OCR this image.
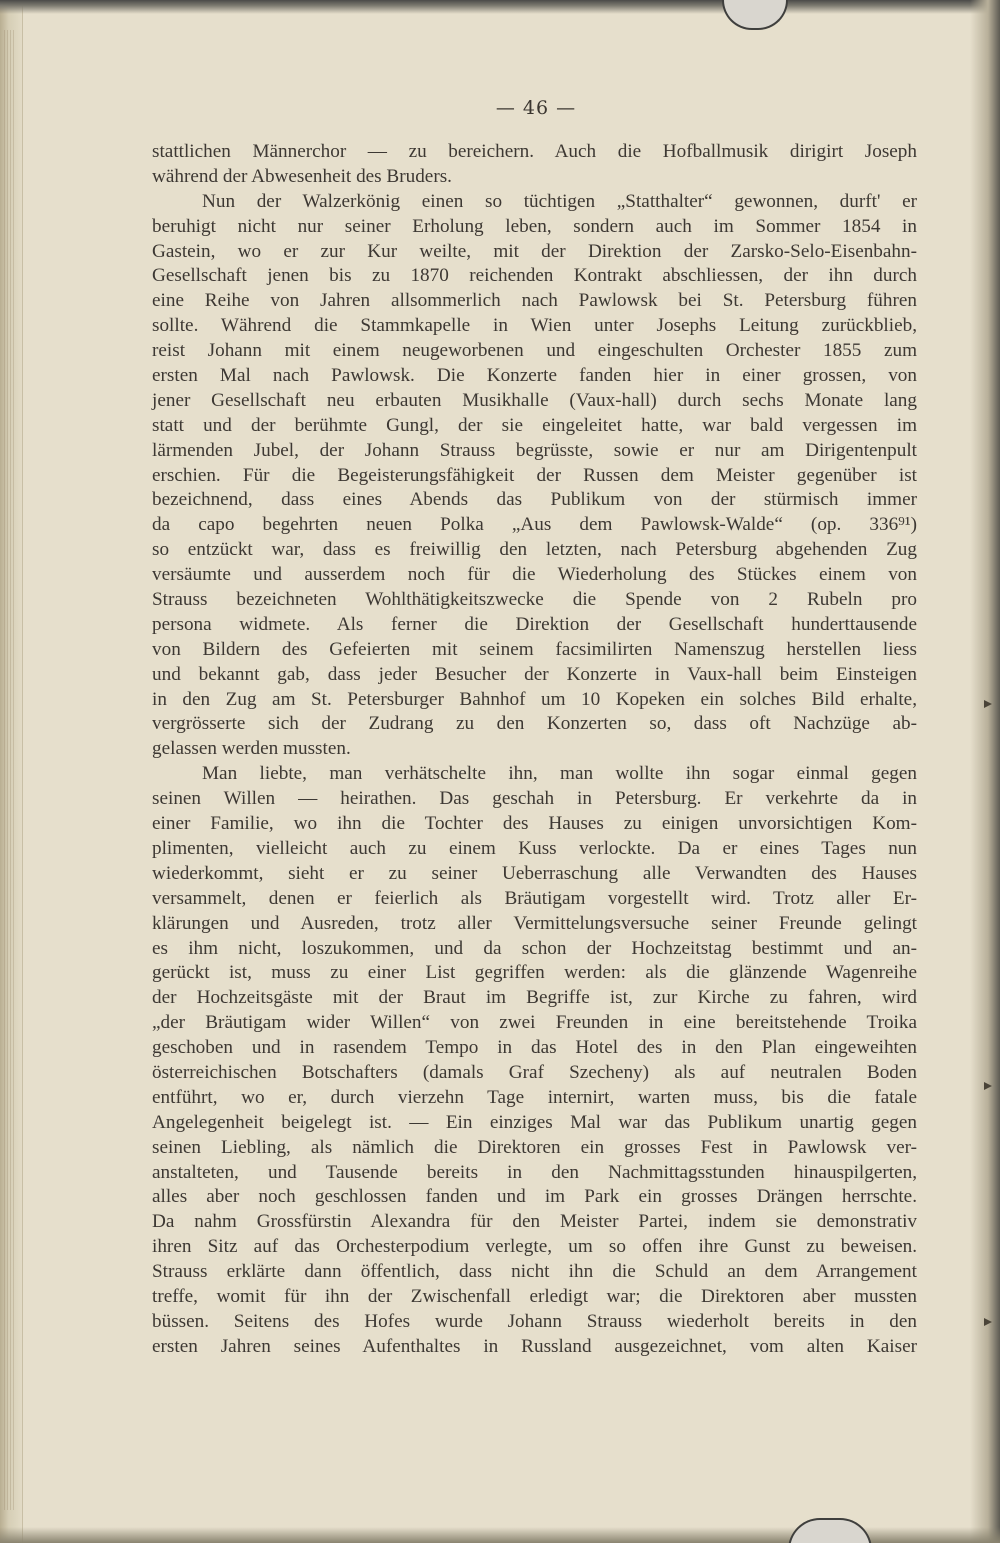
— 46 —
stattlichen Männerchor — zu bereichern. Auch die Hofballmusik dirigirt Joseph
während der Abwesenheit des Bruders.
Nun der Walzerkönig einen so tüchtigen „Statthalter“ gewonnen, durft' er
beruhigt nicht nur seiner Erholung leben, sondern auch im Sommer 1854 in
Gastein, wo er zur Kur weilte, mit der Direktion der Zarsko-Selo-Eisenbahn-
Gesellschaft jenen bis zu 1870 reichenden Kontrakt abschliessen, der ihn durch
eine Reihe von Jahren allsommerlich nach Pawlowsk bei St. Petersburg führen
sollte. Während die Stammkapelle in Wien unter Josephs Leitung zurückblieb,
reist Johann mit einem neugeworbenen und eingeschulten Orchester 1855 zum
ersten Mal nach Pawlowsk. Die Konzerte fanden hier in einer grossen, von
jener Gesellschaft neu erbauten Musikhalle (Vaux-hall) durch sechs Monate lang
statt und der berühmte Gungl, der sie eingeleitet hatte, war bald vergessen im
lärmenden Jubel, der Johann Strauss begrüsste, sowie er nur am Dirigentenpult
erschien. Für die Begeisterungsfähigkeit der Russen dem Meister gegenüber ist
bezeichnend, dass eines Abends das Publikum von der stürmisch immer
da capo begehrten neuen Polka „Aus dem Pawlowsk-Walde“ (op. 336⁹¹)
so entzückt war, dass es freiwillig den letzten, nach Petersburg abgehenden Zug
versäumte und ausserdem noch für die Wiederholung des Stückes einem von
Strauss bezeichneten Wohlthätigkeitszwecke die Spende von 2 Rubeln pro
persona widmete. Als ferner die Direktion der Gesellschaft hunderttausende
von Bildern des Gefeierten mit seinem facsimilirten Namenszug herstellen liess
und bekannt gab, dass jeder Besucher der Konzerte in Vaux-hall beim Einsteigen
in den Zug am St. Petersburger Bahnhof um 10 Kopeken ein solches Bild erhalte,
vergrösserte sich der Zudrang zu den Konzerten so, dass oft Nachzüge ab-
gelassen werden mussten.
Man liebte, man verhätschelte ihn, man wollte ihn sogar einmal gegen
seinen Willen — heirathen. Das geschah in Petersburg. Er verkehrte da in
einer Familie, wo ihn die Tochter des Hauses zu einigen unvorsichtigen Kom-
plimenten, vielleicht auch zu einem Kuss verlockte. Da er eines Tages nun
wiederkommt, sieht er zu seiner Ueberraschung alle Verwandten des Hauses
versammelt, denen er feierlich als Bräutigam vorgestellt wird. Trotz aller Er-
klärungen und Ausreden, trotz aller Vermittelungsversuche seiner Freunde gelingt
es ihm nicht, loszukommen, und da schon der Hochzeitstag bestimmt und an-
gerückt ist, muss zu einer List gegriffen werden: als die glänzende Wagenreihe
der Hochzeitsgäste mit der Braut im Begriffe ist, zur Kirche zu fahren, wird
„der Bräutigam wider Willen“ von zwei Freunden in eine bereitstehende Troika
geschoben und in rasendem Tempo in das Hotel des in den Plan eingeweihten
österreichischen Botschafters (damals Graf Szecheny) als auf neutralen Boden
entführt, wo er, durch vierzehn Tage internirt, warten muss, bis die fatale
Angelegenheit beigelegt ist. — Ein einziges Mal war das Publikum unartig gegen
seinen Liebling, als nämlich die Direktoren ein grosses Fest in Pawlowsk ver-
anstalteten, und Tausende bereits in den Nachmittagsstunden hinauspilgerten,
alles aber noch geschlossen fanden und im Park ein grosses Drängen herrschte.
Da nahm Grossfürstin Alexandra für den Meister Partei, indem sie demonstrativ
ihren Sitz auf das Orchesterpodium verlegte, um so offen ihre Gunst zu beweisen.
Strauss erklärte dann öffentlich, dass nicht ihn die Schuld an dem Arrangement
treffe, womit für ihn der Zwischenfall erledigt war; die Direktoren aber mussten
büssen. Seitens des Hofes wurde Johann Strauss wiederholt bereits in den
ersten Jahren seines Aufenthaltes in Russland ausgezeichnet, vom alten Kaiser
